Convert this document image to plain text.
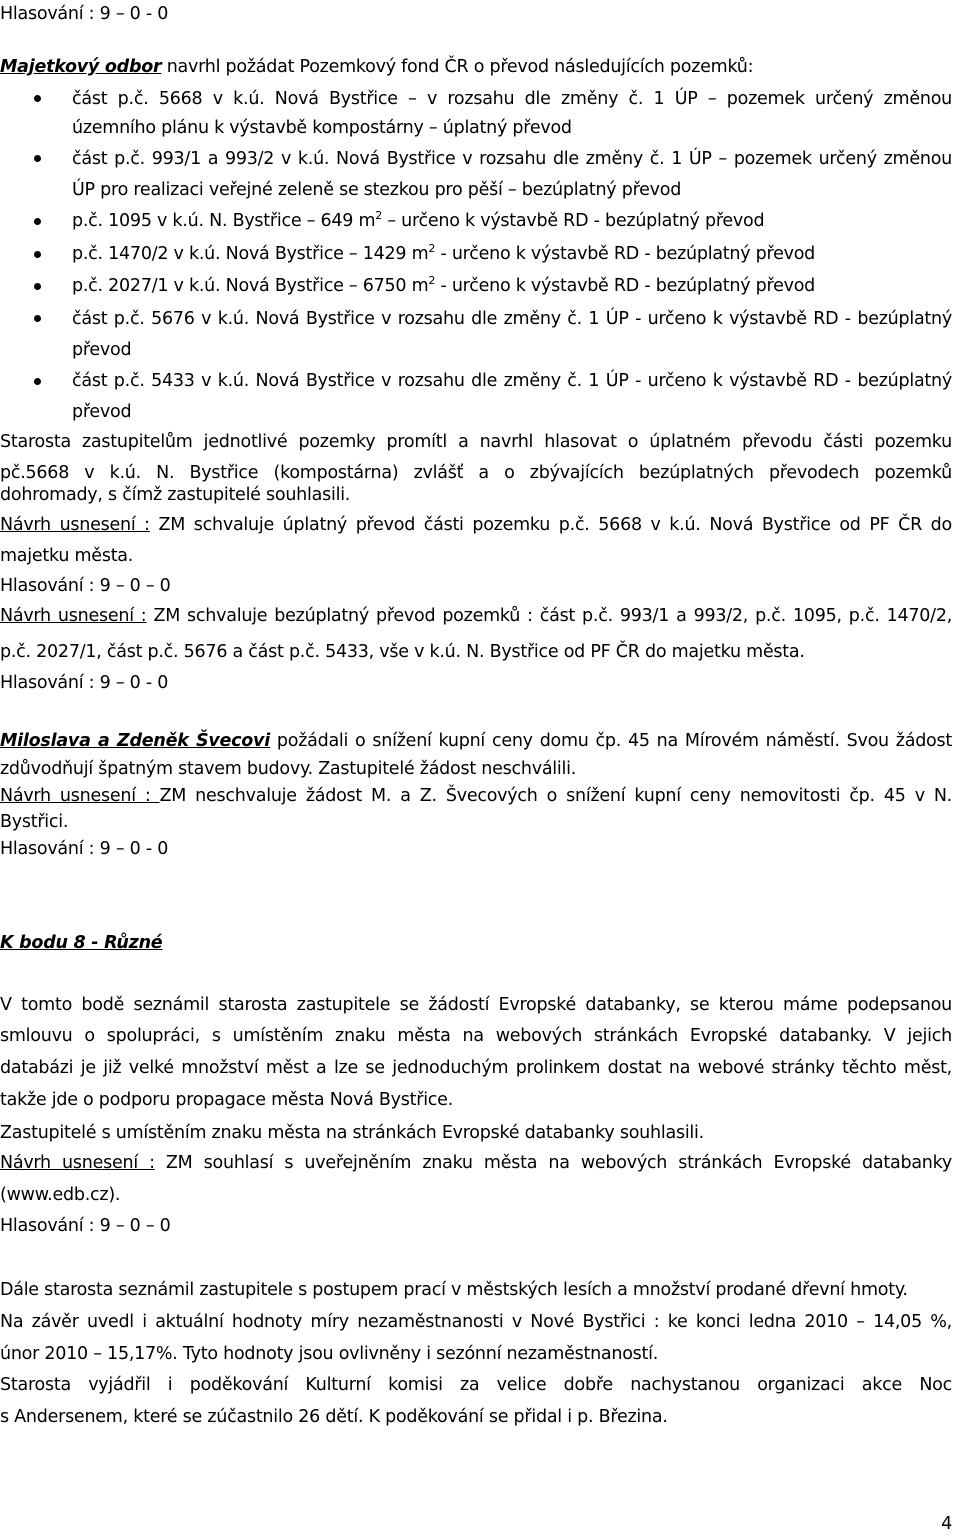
Hlasování : 9 – 0 - 0
Majetkový odbor navrhl požádat Pozemkový fond ČR o převod následujících pozemků:
část p.č. 5668 v k.ú. Nová Bystřice – v rozsahu dle změny č. 1 ÚP – pozemek určený změnou
územního plánu k výstavbě kompostárny – úplatný převod
část p.č. 993/1 a 993/2 v k.ú. Nová Bystřice v rozsahu dle změny č. 1 ÚP – pozemek určený změnou
ÚP pro realizaci veřejné zeleně se stezkou pro pěší – bezúplatný převod
p.č. 1095 v k.ú. N. Bystřice – 649 $m^2$ – určeno k výstavbě RD - bezúplatný převod
p.č. 1470/2 v k.ú. Nová Bystřice – 1429 $m^2$ - určeno k výstavbě RD - bezúplatný převod
p.č. 2027/1 v k.ú. Nová Bystřice – 6750 $m^2$ - určeno k výstavbě RD - bezúplatný převod
část p.č. 5676 v k.ú. Nová Bystřice v rozsahu dle změny č. 1 ÚP - určeno k výstavbě RD - bezúplatný
převod
část p.č. 5433 v k.ú. Nová Bystřice v rozsahu dle změny č. 1 ÚP - určeno k výstavbě RD - bezúplatný
převod
Starosta zastupitelům jednotlivé pozemky promítl a navrhl hlasovat o úplatném převodu části pozemku
pč.5668 v k.ú. N. Bystřice (kompostárna) zvlášť a o zbývajících bezúplatných převodech pozemků
dohromady, s čímž zastupitelé souhlasili.
Návrh usnesení : ZM schvaluje úplatný převod části pozemku p.č. 5668 v k.ú. Nová Bystřice od PF ČR do
majetku města.
Hlasování : 9 – 0 – 0
Návrh usnesení : ZM schvaluje bezúplatný převod pozemků : část p.č. 993/1 a 993/2, p.č. 1095, p.č. 1470/2,
p.č. 2027/1, část p.č. 5676 a část p.č. 5433, vše v k.ú. N. Bystřice od PF ČR do majetku města.
Hlasování : 9 – 0 - 0
Miloslava a Zdeněk Švecovi požádali o snížení kupní ceny domu čp. 45 na Mírovém náměstí. Svou žádost
zdůvodňují špatným stavem budovy. Zastupitelé žádost neschválili.
Návrh usnesení : ZM neschvaluje žádost M. a Z. Švecových o snížení kupní ceny nemovitosti čp. 45 v N.
Bystřici.
Hlasování : 9 – 0 - 0
K bodu 8 - Různé
V tomto bodě seznámil starosta zastupitele se žádostí Evropské databanky, se kterou máme podepsanou
smlouvu o spolupráci, s umístěním znaku města na webových stránkách Evropské databanky. V jejich
databázi je již velké množství měst a lze se jednoduchým prolinkem dostat na webové stránky těchto měst,
takže jde o podporu propagace města Nová Bystřice.
Zastupitelé s umístěním znaku města na stránkách Evropské databanky souhlasili.
Návrh usnesení : ZM souhlasí s uveřejněním znaku města na webových stránkách Evropské databanky
(www.edb.cz).
Hlasování : 9 – 0 – 0
Dále starosta seznámil zastupitele s postupem prací v městských lesích a množství prodané dřevní hmoty.
Na závěr uvedl i aktuální hodnoty míry nezaměstnanosti v Nové Bystřici : ke konci ledna 2010 – 14,05 %,
únor 2010 – 15,17%. Tyto hodnoty jsou ovlivněny i sezónní nezaměstnaností.
Starosta vyjádřil i poděkování Kulturní komisi za velice dobře nachystanou organizaci akce Noc
s Andersenem, které se zúčastnilo 26 dětí. K poděkování se přidal i p. Březina.
4
